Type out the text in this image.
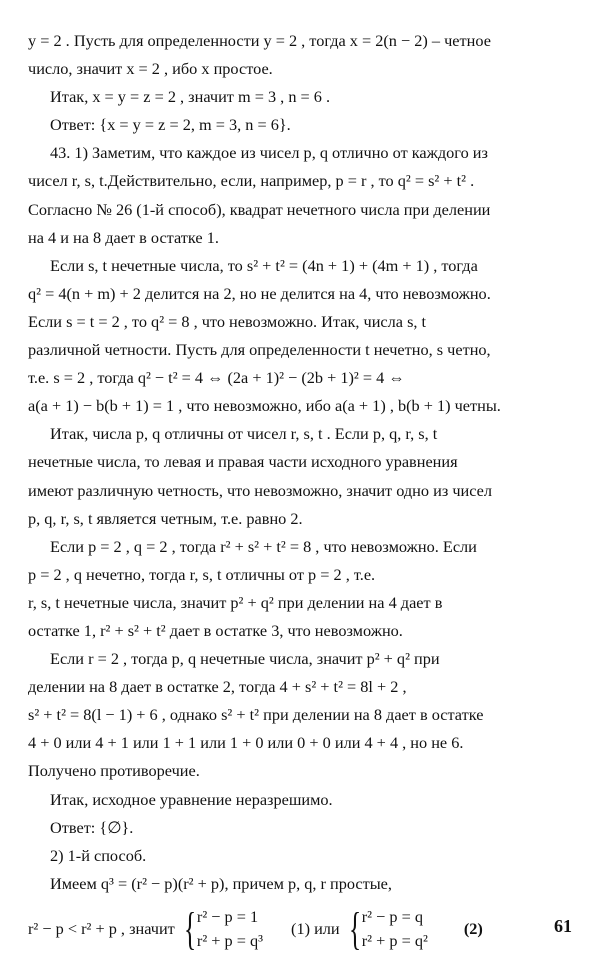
y = 2 . Пусть для определенности y = 2 , тогда x = 2(n − 2) – четное
число, значит x = 2 , ибо x простое.
Итак, x = y = z = 2 , значит m = 3 , n = 6 .
Ответ: {x = y = z = 2, m = 3, n = 6}.
43. 1) Заметим, что каждое из чисел p, q отлично от каждого из
чисел r, s, t.Действительно, если, например, p = r , то q² = s² + t² .
Согласно № 26 (1-й способ), квадрат нечетного числа при делении
на 4 и на 8 дает в остатке 1.
Если s, t нечетные числа, то s² + t² = (4n + 1) + (4m + 1) , тогда
q² = 4(n + m) + 2 делится на 2, но не делится на 4, что невозможно.
Если s = t = 2 , то q² = 8 , что невозможно. Итак, числа s, t
различной четности. Пусть для определенности t нечетно, s четно,
т.е. s = 2 , тогда q² − t² = 4 ⇔ (2a + 1)² − (2b + 1)² = 4 ⇔
a(a + 1) − b(b + 1) = 1 , что невозможно, ибо a(a + 1) , b(b + 1) четны.
Итак, числа p, q отличны от чисел r, s, t . Если p, q, r, s, t
нечетные числа, то левая и правая части исходного уравнения
имеют различную четность, что невозможно, значит одно из чисел
p, q, r, s, t является четным, т.е. равно 2.
Если p = 2 , q = 2 , тогда r² + s² + t² = 8 , что невозможно. Если
p = 2 , q нечетно, тогда r, s, t отличны от p = 2 , т.е.
r, s, t нечетные числа, значит p² + q² при делении на 4 дает в
остатке 1, r² + s² + t² дает в остатке 3, что невозможно.
Если r = 2 , тогда p, q нечетные числа, значит p² + q² при
делении на 8 дает в остатке 2, тогда 4 + s² + t² = 8l + 2 ,
s² + t² = 8(l − 1) + 6 , однако s² + t² при делении на 8 дает в остатке
4 + 0 или 4 + 1 или 1 + 1 или 1 + 0 или 0 + 0 или 4 + 4 , но не 6.
Получено противоречие.
Итак, исходное уравнение неразрешимо.
Ответ: {∅}.
2) 1-й способ.
Имеем q³ = (r² − p)(r² + p), причем p, q, r простые,
r² − p < r² + p , значит { r² − p = 1
r² + p = q³
(1) или { r² − p = q
r² + p = q²
(2)	61
